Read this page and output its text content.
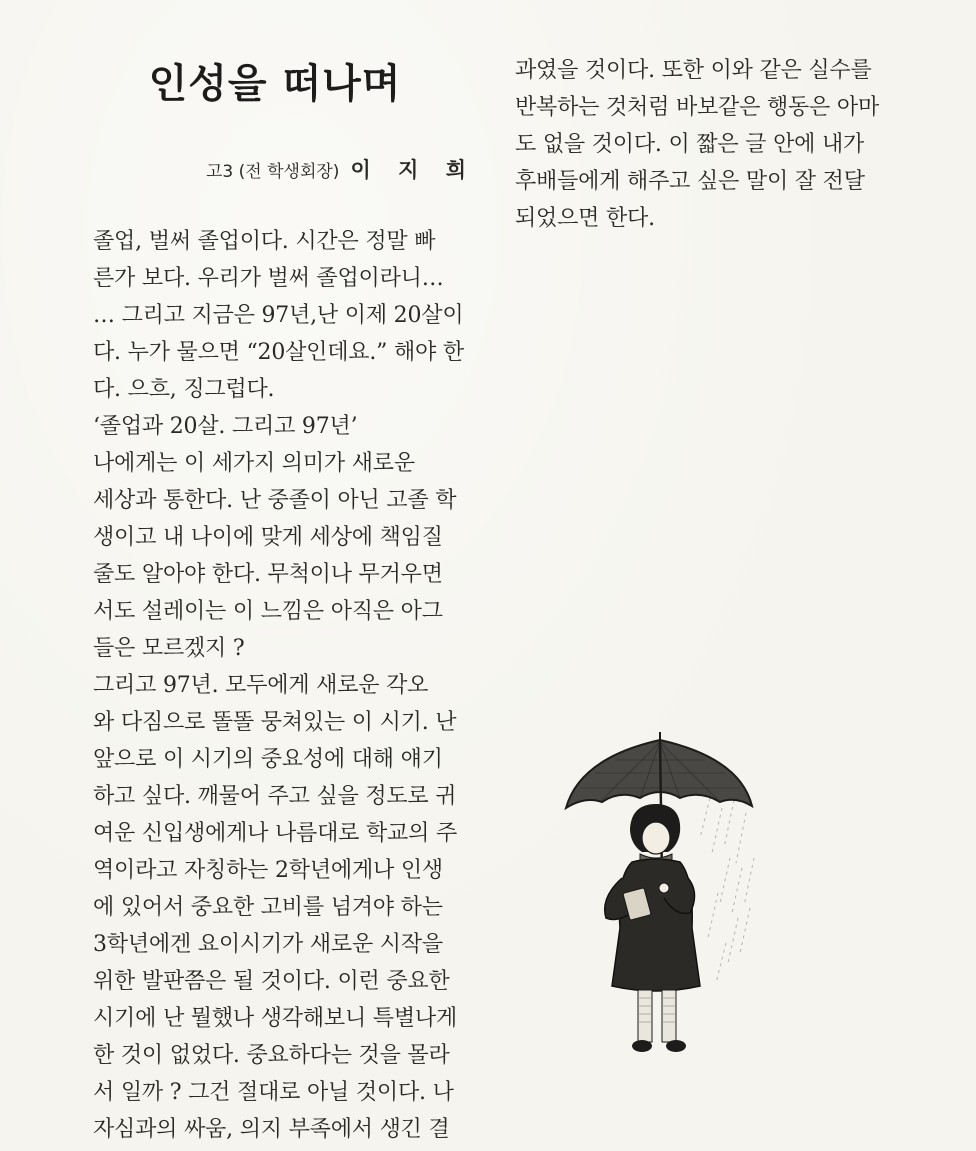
인성을 떠나며
고3 (전 학생회장) 이 지 희
졸업, 벌써 졸업이다. 시간은 정말 빠
른가 보다. 우리가 벌써 졸업이라니…
… 그리고 지금은 97년,난 이제 20살이
다. 누가 물으면 “20살인데요.” 해야 한
다. 으흐, 징그럽다.
‘졸업과 20살. 그리고 97년’
나에게는 이 세가지 의미가 새로운
세상과 통한다. 난 중졸이 아닌 고졸 학
생이고 내 나이에 맞게 세상에 책임질
줄도 알아야 한다. 무척이나 무거우면
서도 설레이는 이 느낌은 아직은 아그
들은 모르겠지 ?
그리고 97년. 모두에게 새로운 각오
와 다짐으로 똘똘 뭉쳐있는 이 시기. 난
앞으로 이 시기의 중요성에 대해 얘기
하고 싶다. 깨물어 주고 싶을 정도로 귀
여운 신입생에게나 나름대로 학교의 주
역이라고 자칭하는 2학년에게나 인생
에 있어서 중요한 고비를 넘겨야 하는
3학년에겐 요이시기가 새로운 시작을
위한 발판쯤은 될 것이다. 이런 중요한
시기에 난 뭘했나 생각해보니 특별나게
한 것이 없었다. 중요하다는 것을 몰라
서 일까 ? 그건 절대로 아닐 것이다. 나
자심과의 싸움, 의지 부족에서 생긴 결
과였을 것이다. 또한 이와 같은 실수를
반복하는 것처럼 바보같은 행동은 아마
도 없을 것이다. 이 짧은 글 안에 내가
후배들에게 해주고 싶은 말이 잘 전달
되었으면 한다.
